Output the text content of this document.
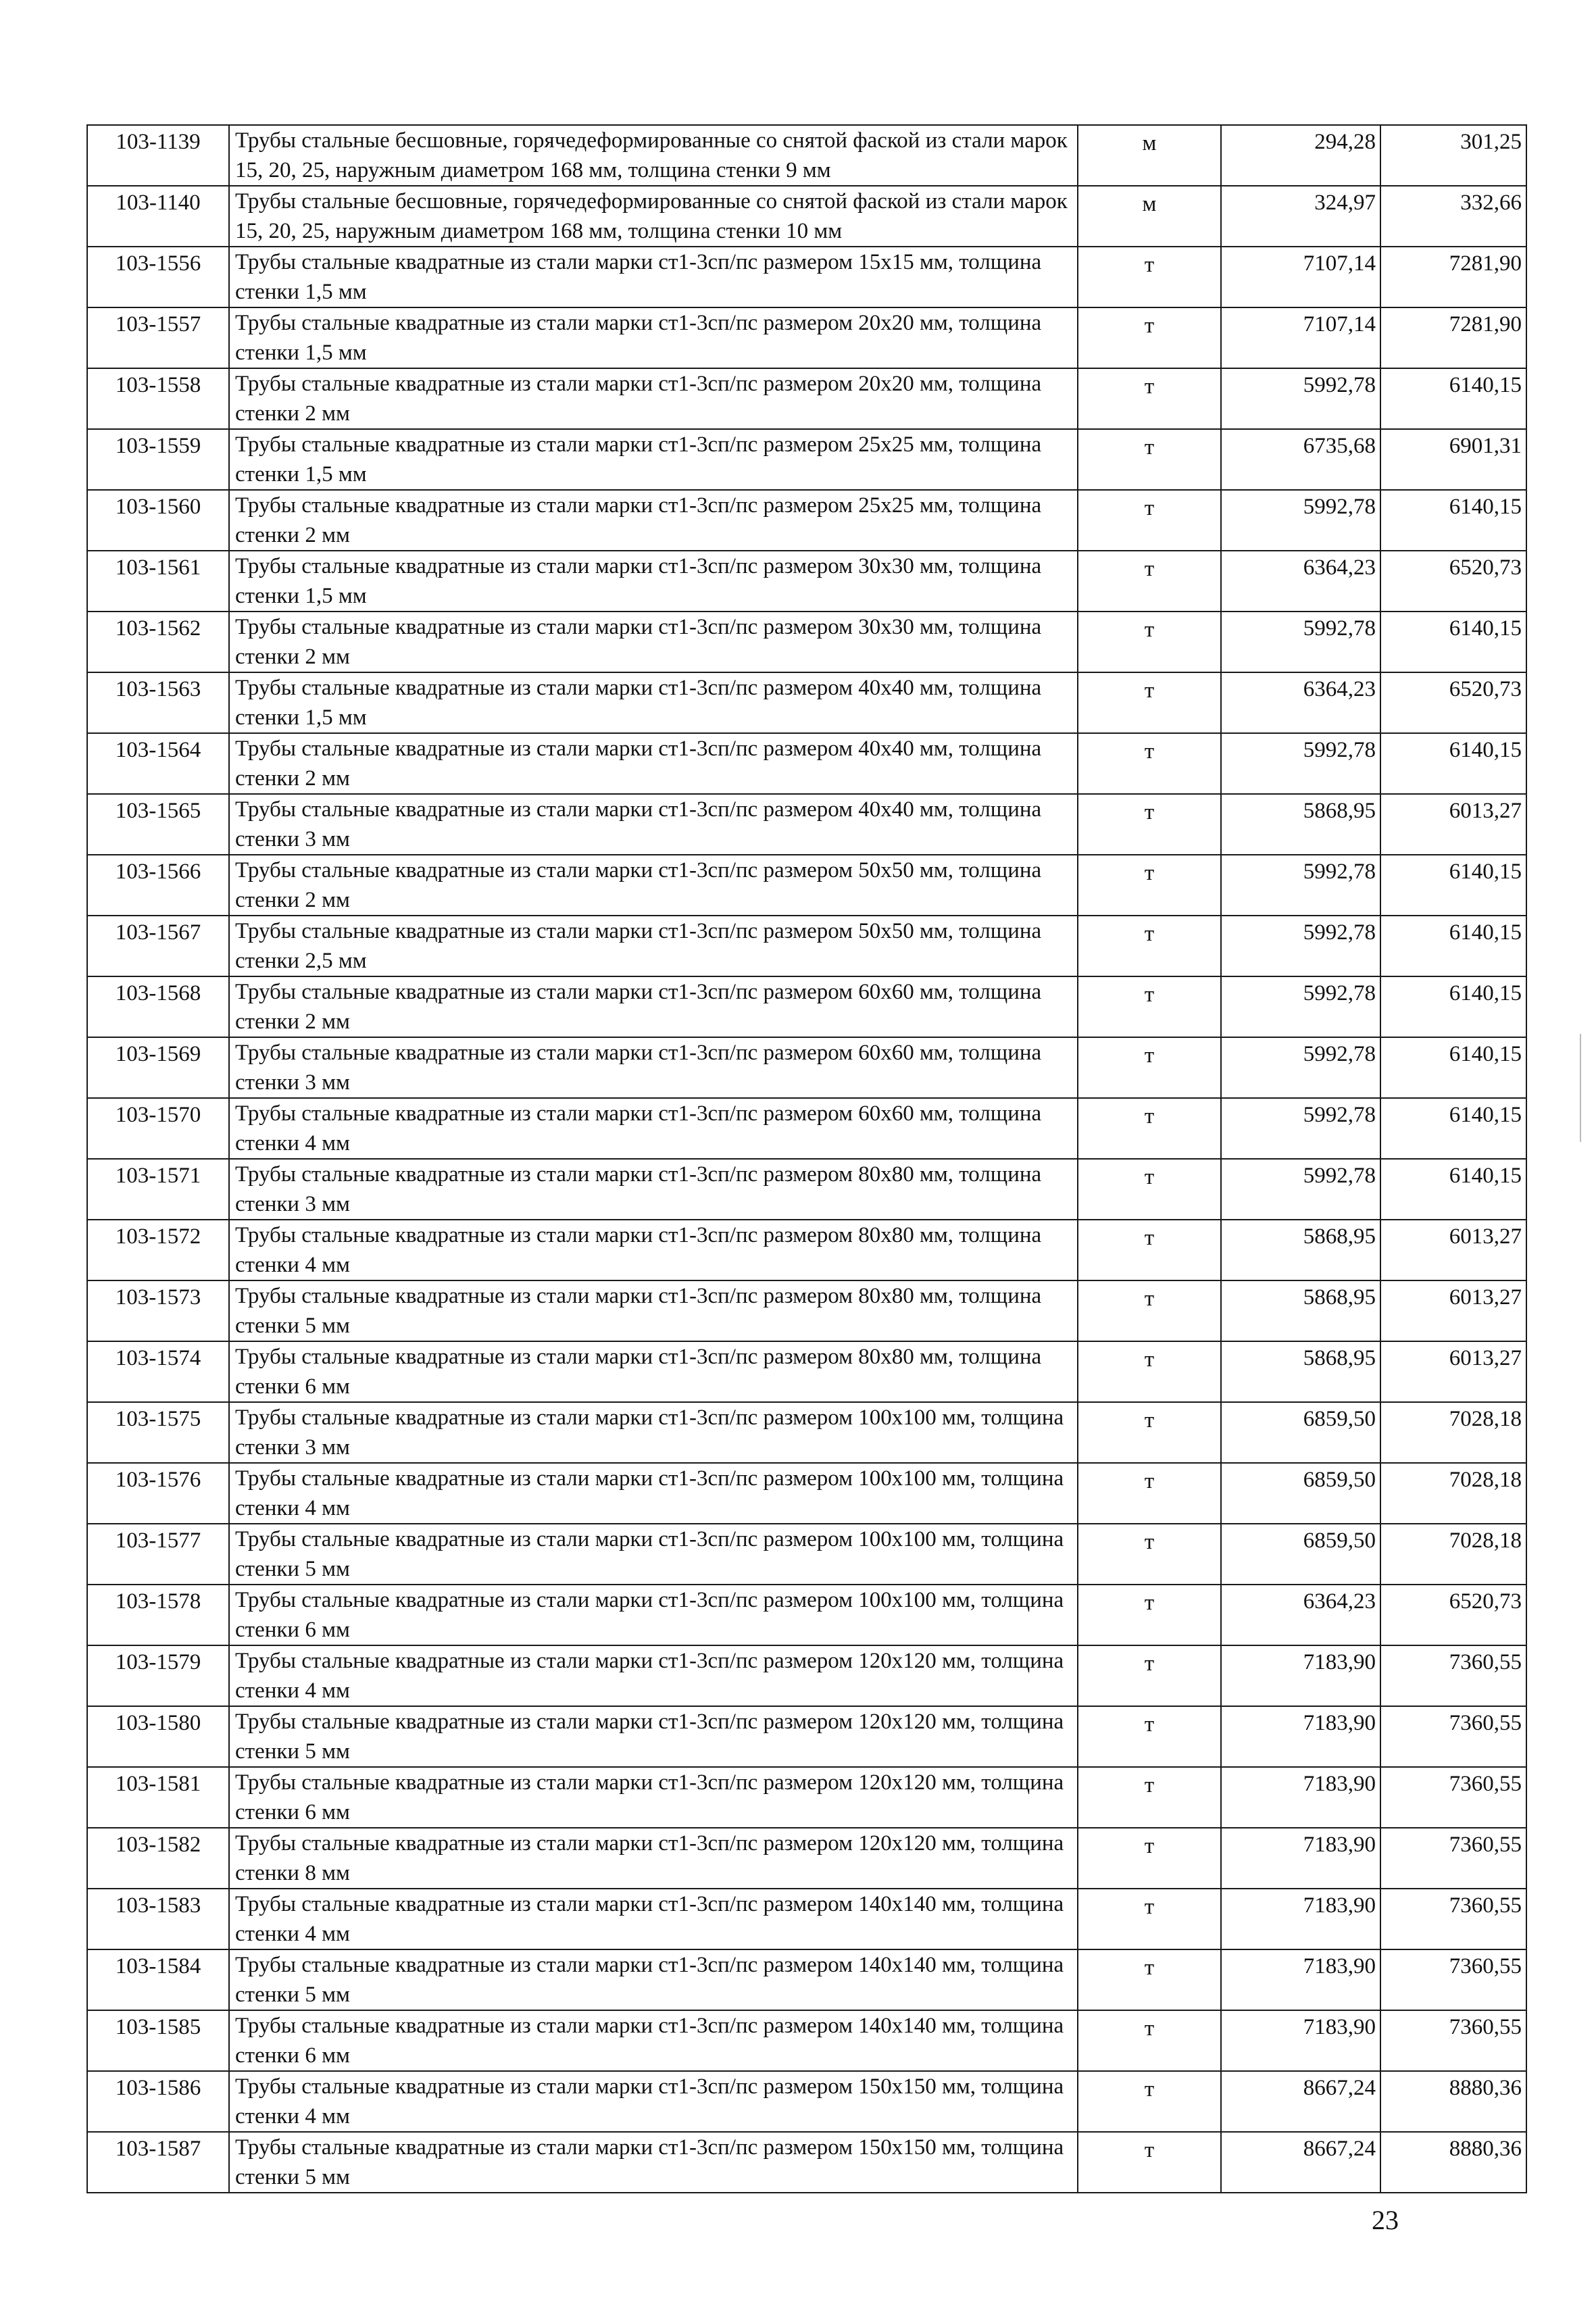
103-1139	Трубы стальные бесшовные, горячедеформированные со снятой фаской из стали марок 15, 20, 25, наружным диаметром 168 мм, толщина стенки 9 мм	м	294,28	301,25
103-1140	Трубы стальные бесшовные, горячедеформированные со снятой фаской из стали марок 15, 20, 25, наружным диаметром 168 мм, толщина стенки 10 мм	м	324,97	332,66
103-1556	Трубы стальные квадратные из стали марки ст1-3сп/пс размером 15x15 мм, толщина стенки 1,5 мм	т	7107,14	7281,90
103-1557	Трубы стальные квадратные из стали марки ст1-3сп/пс размером 20x20 мм, толщина стенки 1,5 мм	т	7107,14	7281,90
103-1558	Трубы стальные квадратные из стали марки ст1-3сп/пс размером 20x20 мм, толщина стенки 2 мм	т	5992,78	6140,15
103-1559	Трубы стальные квадратные из стали марки ст1-3сп/пс размером 25x25 мм, толщина стенки 1,5 мм	т	6735,68	6901,31
103-1560	Трубы стальные квадратные из стали марки ст1-3сп/пс размером 25x25 мм, толщина стенки 2 мм	т	5992,78	6140,15
103-1561	Трубы стальные квадратные из стали марки ст1-3сп/пс размером 30x30 мм, толщина стенки 1,5 мм	т	6364,23	6520,73
103-1562	Трубы стальные квадратные из стали марки ст1-3сп/пс размером 30x30 мм, толщина стенки 2 мм	т	5992,78	6140,15
103-1563	Трубы стальные квадратные из стали марки ст1-3сп/пс размером 40x40 мм, толщина стенки 1,5 мм	т	6364,23	6520,73
103-1564	Трубы стальные квадратные из стали марки ст1-3сп/пс размером 40x40 мм, толщина стенки 2 мм	т	5992,78	6140,15
103-1565	Трубы стальные квадратные из стали марки ст1-3сп/пс размером 40x40 мм, толщина стенки 3 мм	т	5868,95	6013,27
103-1566	Трубы стальные квадратные из стали марки ст1-3сп/пс размером 50x50 мм, толщина стенки 2 мм	т	5992,78	6140,15
103-1567	Трубы стальные квадратные из стали марки ст1-3сп/пс размером 50x50 мм, толщина стенки 2,5 мм	т	5992,78	6140,15
103-1568	Трубы стальные квадратные из стали марки ст1-3сп/пс размером 60x60 мм, толщина стенки 2 мм	т	5992,78	6140,15
103-1569	Трубы стальные квадратные из стали марки ст1-3сп/пс размером 60x60 мм, толщина стенки 3 мм	т	5992,78	6140,15
103-1570	Трубы стальные квадратные из стали марки ст1-3сп/пс размером 60x60 мм, толщина стенки 4 мм	т	5992,78	6140,15
103-1571	Трубы стальные квадратные из стали марки ст1-3сп/пс размером 80x80 мм, толщина стенки 3 мм	т	5992,78	6140,15
103-1572	Трубы стальные квадратные из стали марки ст1-3сп/пс размером 80x80 мм, толщина стенки 4 мм	т	5868,95	6013,27
103-1573	Трубы стальные квадратные из стали марки ст1-3сп/пс размером 80x80 мм, толщина стенки 5 мм	т	5868,95	6013,27
103-1574	Трубы стальные квадратные из стали марки ст1-3сп/пс размером 80x80 мм, толщина стенки 6 мм	т	5868,95	6013,27
103-1575	Трубы стальные квадратные из стали марки ст1-3сп/пс размером 100x100 мм, толщина стенки 3 мм	т	6859,50	7028,18
103-1576	Трубы стальные квадратные из стали марки ст1-3сп/пс размером 100x100 мм, толщина стенки 4 мм	т	6859,50	7028,18
103-1577	Трубы стальные квадратные из стали марки ст1-3сп/пс размером 100x100 мм, толщина стенки 5 мм	т	6859,50	7028,18
103-1578	Трубы стальные квадратные из стали марки ст1-3сп/пс размером 100x100 мм, толщина стенки 6 мм	т	6364,23	6520,73
103-1579	Трубы стальные квадратные из стали марки ст1-3сп/пс размером 120x120 мм, толщина стенки 4 мм	т	7183,90	7360,55
103-1580	Трубы стальные квадратные из стали марки ст1-3сп/пс размером 120x120 мм, толщина стенки 5 мм	т	7183,90	7360,55
103-1581	Трубы стальные квадратные из стали марки ст1-3сп/пс размером 120x120 мм, толщина стенки 6 мм	т	7183,90	7360,55
103-1582	Трубы стальные квадратные из стали марки ст1-3сп/пс размером 120x120 мм, толщина стенки 8 мм	т	7183,90	7360,55
103-1583	Трубы стальные квадратные из стали марки ст1-3сп/пс размером 140x140 мм, толщина стенки 4 мм	т	7183,90	7360,55
103-1584	Трубы стальные квадратные из стали марки ст1-3сп/пс размером 140x140 мм, толщина стенки 5 мм	т	7183,90	7360,55
103-1585	Трубы стальные квадратные из стали марки ст1-3сп/пс размером 140x140 мм, толщина стенки 6 мм	т	7183,90	7360,55
103-1586	Трубы стальные квадратные из стали марки ст1-3сп/пс размером 150x150 мм, толщина стенки 4 мм	т	8667,24	8880,36
103-1587	Трубы стальные квадратные из стали марки ст1-3сп/пс размером 150x150 мм, толщина стенки 5 мм	т	8667,24	8880,36
23
